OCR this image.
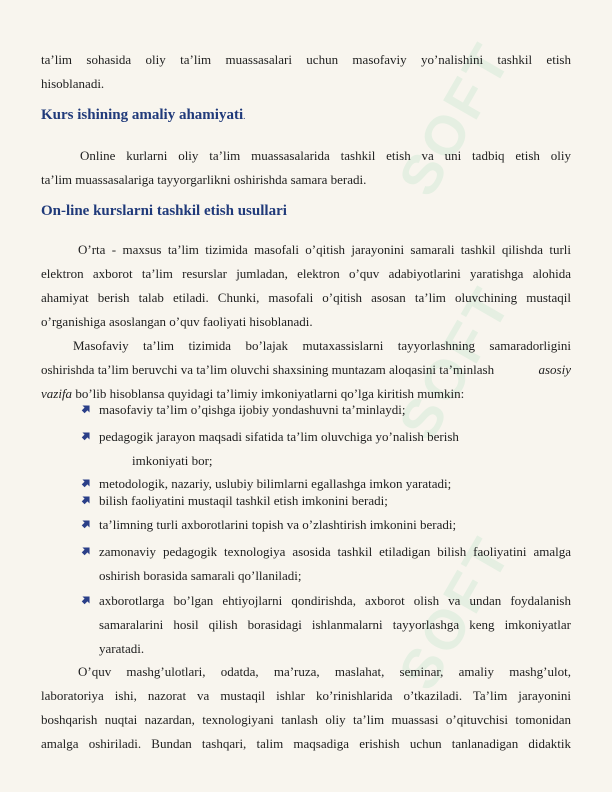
SOFT
SOFT
SOFT
ta’lim sohasida oliy ta’lim muassasalari uchun masofaviy yo’nalishini tashkil etish
hisoblanadi.
Kurs ishining amaliy ahamiyati.
Online kurlarni oliy ta’lim muassasalarida tashkil etish va uni tadbiq etish oliy
ta’lim muassasalariga tayyorgarlikni oshirishda samara beradi.
On-line kurslarni tashkil etish usullari
O’rta - maxsus ta’lim tizimida masofali o’qitish jarayonini samarali tashkil qilishda turli
elektron axborot ta’lim resurslar jumladan, elektron o’quv adabiyotlarini yaratishga alohida
ahamiyat berish talab etiladi. Chunki, masofali o’qitish asosan ta’lim oluvchining mustaqil
o’rganishiga asoslangan o’quv faoliyati hisoblanadi.
Masofaviy ta’lim tizimida bo’lajak mutaxassislarni tayyorlashning samaradorligini
oshirishda ta’lim beruvchi va ta’lim oluvchi shaxsining muntazam aloqasini ta’minlash	asosiy
vazifa bo’lib hisoblansa quyidagi ta’limiy imkoniyatlarni qo’lga kiritish mumkin:
masofaviy ta’lim o’qishga ijobiy yondashuvni ta’minlaydi;
pedagogik jarayon maqsadi sifatida ta’lim oluvchiga yo’nalish berish
imkoniyati bor;
metodologik, nazariy, uslubiy bilimlarni egallashga imkon yaratadi;
bilish faoliyatini mustaqil tashkil etish imkonini beradi;
ta’limning turli axborotlarini topish va o’zlashtirish imkonini beradi;
zamonaviy pedagogik texnologiya asosida tashkil etiladigan bilish faoliyatini amalga
oshirish borasida samarali qo’llaniladi;
axborotlarga bo’lgan ehtiyojlarni qondirishda, axborot olish va undan foydalanish
samaralarini hosil qilish borasidagi ishlanmalarni tayyorlashga keng imkoniyatlar
yaratadi.
O’quv mashg’ulotlari, odatda, ma’ruza, maslahat, seminar, amaliy mashg’ulot,
laboratoriya ishi, nazorat va mustaqil ishlar ko’rinishlarida o’tkaziladi. Ta’lim jarayonini
boshqarish nuqtai nazardan, texnologiyani tanlash oliy ta’lim muassasi o’qituvchisi tomonidan
amalga oshiriladi. Bundan tashqari, talim maqsadiga erishish uchun tanlanadigan didaktik
